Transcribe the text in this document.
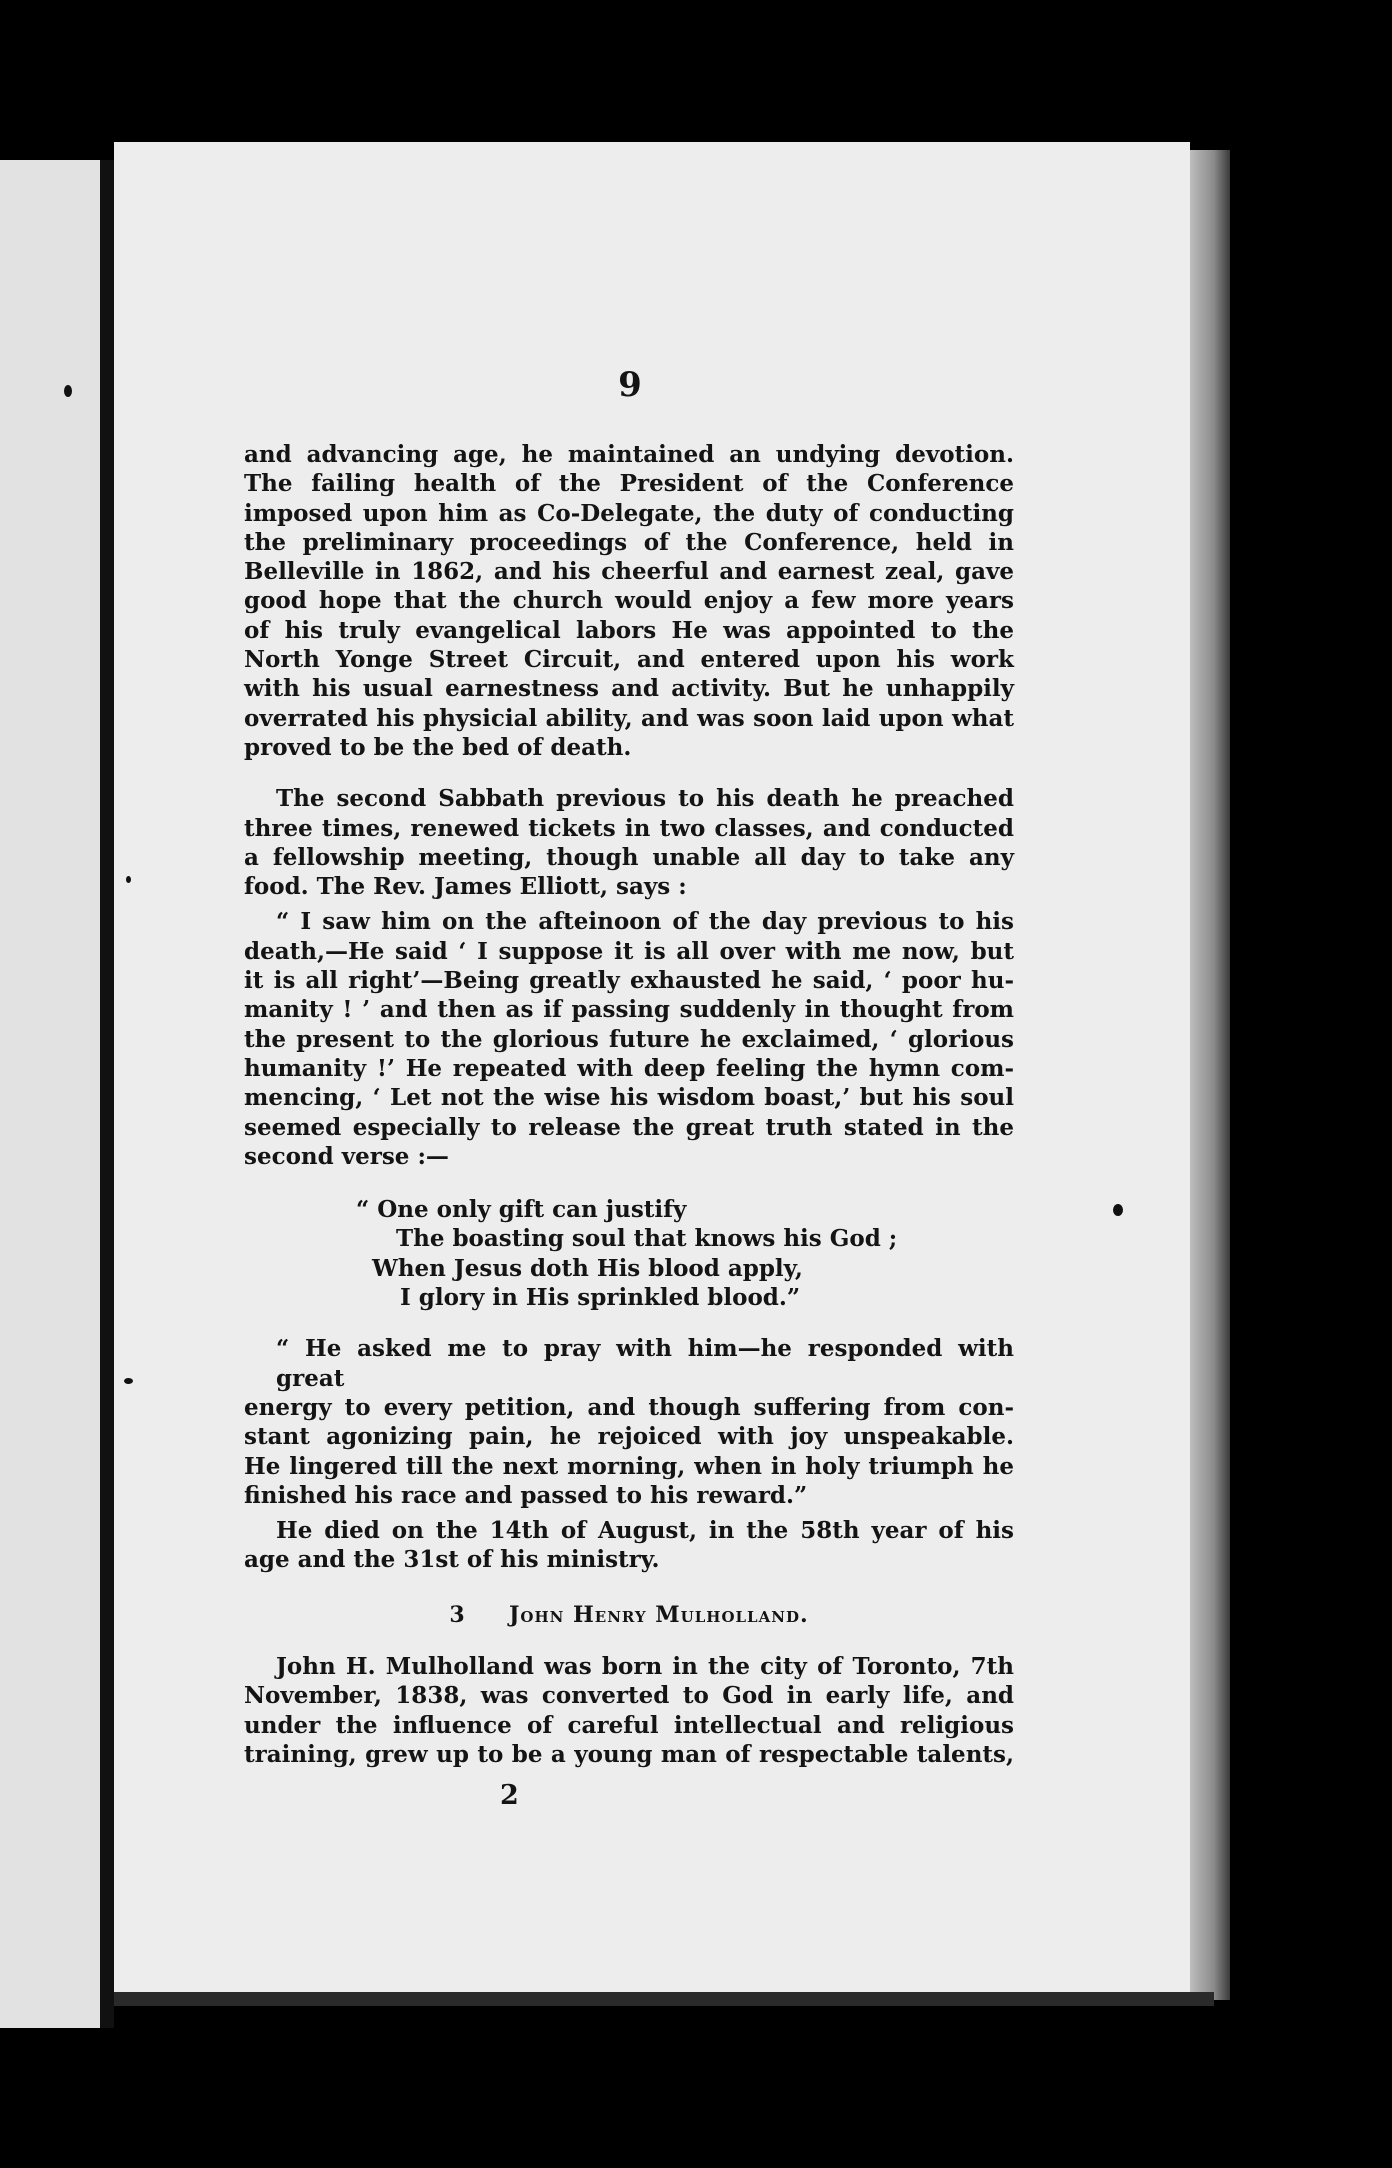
9

and advancing age, he maintained an undying devotion.
The failing health of the President of the Conference
imposed upon him as Co-Delegate, the duty of conducting
the preliminary proceedings of the Conference, held in
Belleville in 1862, and his cheerful and earnest zeal, gave
good hope that the church would enjoy a few more years
of his truly evangelical labors He was appointed to the
North Yonge Street Circuit, and entered upon his work
with his usual earnestness and activity. But he unhappily
overrated his physicial ability, and was soon laid upon what
proved to be the bed of death.

The second Sabbath previous to his death he preached
three times, renewed tickets in two classes, and conducted
a fellowship meeting, though unable all day to take any
food. The Rev. James Elliott, says :

“ I saw him on the afteinoon of the day previous to his
death,—He said ‘ I suppose it is all over with me now, but
it is all right’—Being greatly exhausted he said, ‘ poor hu-
manity ! ’ and then as if passing suddenly in thought from
the present to the glorious future he exclaimed, ‘ glorious
humanity !’ He repeated with deep feeling the hymn com-
mencing, ‘ Let not the wise his wisdom boast,’ but his soul
seemed especially to release the great truth stated in the
second verse :—

“ One only gift can justify
The boasting soul that knows his God ;
When Jesus doth His blood apply,
I glory in His sprinkled blood.”

“ He asked me to pray with him—he responded with great
energy to every petition, and though suffering from con-
stant agonizing pain, he rejoiced with joy unspeakable.
He lingered till the next morning, when in holy triumph he
finished his race and passed to his reward.”

He died on the 14th of August, in the 58th year of his
age and the 31st of his ministry.

3 John Henry Mulholland.

John H. Mulholland was born in the city of Toronto, 7th
November, 1838, was converted to God in early life, and
under the influence of careful intellectual and religious
training, grew up to be a young man of respectable talents,

2
